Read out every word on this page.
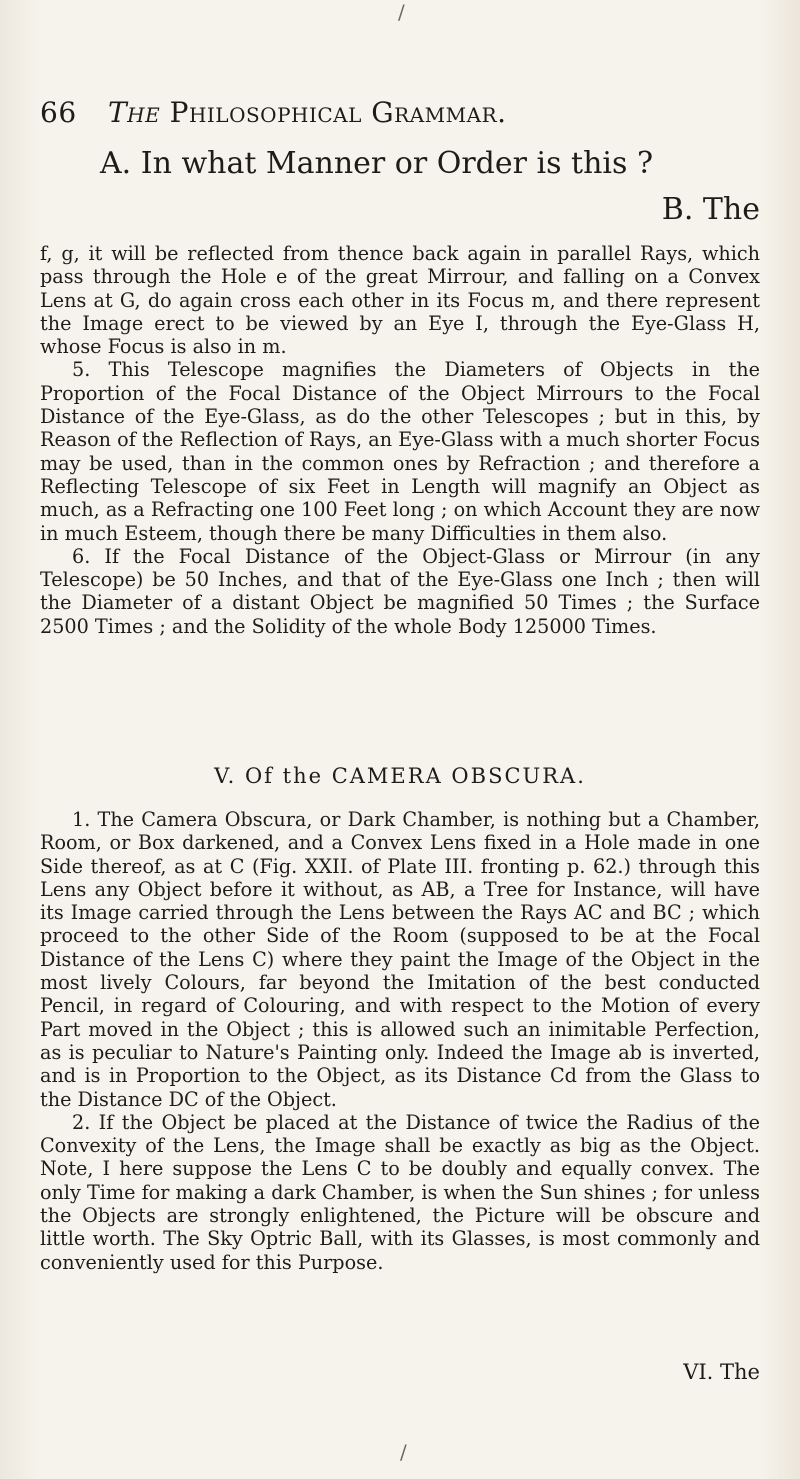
/
66 The Philosophical Grammar.
A. In what Manner or Order is this ?
B. The
f, g, it will be reflected from thence back again in parallel Rays, which pass through the Hole e of the great Mirrour, and falling on a Convex Lens at G, do again cross each other in its Focus m, and there represent the Image erect to be viewed by an Eye I, through the Eye-Glass H, whose Focus is also in m.
5. This Telescope magnifies the Diameters of Objects in the Proportion of the Focal Distance of the Object Mirrours to the Focal Distance of the Eye-Glass, as do the other Telescopes ; but in this, by Reason of the Reflection of Rays, an Eye-Glass with a much shorter Focus may be used, than in the common ones by Refraction ; and therefore a Reflecting Telescope of six Feet in Length will magnify an Object as much, as a Refracting one 100 Feet long ; on which Account they are now in much Esteem, though there be many Difficulties in them also.
6. If the Focal Distance of the Object-Glass or Mirrour (in any Telescope) be 50 Inches, and that of the Eye-Glass one Inch ; then will the Diameter of a distant Object be magnified 50 Times ; the Surface 2500 Times ; and the Solidity of the whole Body 125000 Times.
V. Of the CAMERA OBSCURA.
1. The Camera Obscura, or Dark Chamber, is nothing but a Chamber, Room, or Box darkened, and a Convex Lens fixed in a Hole made in one Side thereof, as at C (Fig. XXII. of Plate III. fronting p. 62.) through this Lens any Object before it without, as AB, a Tree for Instance, will have its Image carried through the Lens between the Rays AC and BC ; which proceed to the other Side of the Room (supposed to be at the Focal Distance of the Lens C) where they paint the Image of the Object in the most lively Colours, far beyond the Imitation of the best conducted Pencil, in regard of Colouring, and with respect to the Motion of every Part moved in the Object ; this is allowed such an inimitable Perfection, as is peculiar to Nature's Painting only. Indeed the Image ab is inverted, and is in Proportion to the Object, as its Distance Cd from the Glass to the Distance DC of the Object.
2. If the Object be placed at the Distance of twice the Radius of the Convexity of the Lens, the Image shall be exactly as big as the Object. Note, I here suppose the Lens C to be doubly and equally convex. The only Time for making a dark Chamber, is when the Sun shines ; for unless the Objects are strongly enlightened, the Picture will be obscure and little worth. The Sky Optric Ball, with its Glasses, is most commonly and conveniently used for this Purpose.
VI. The
/
